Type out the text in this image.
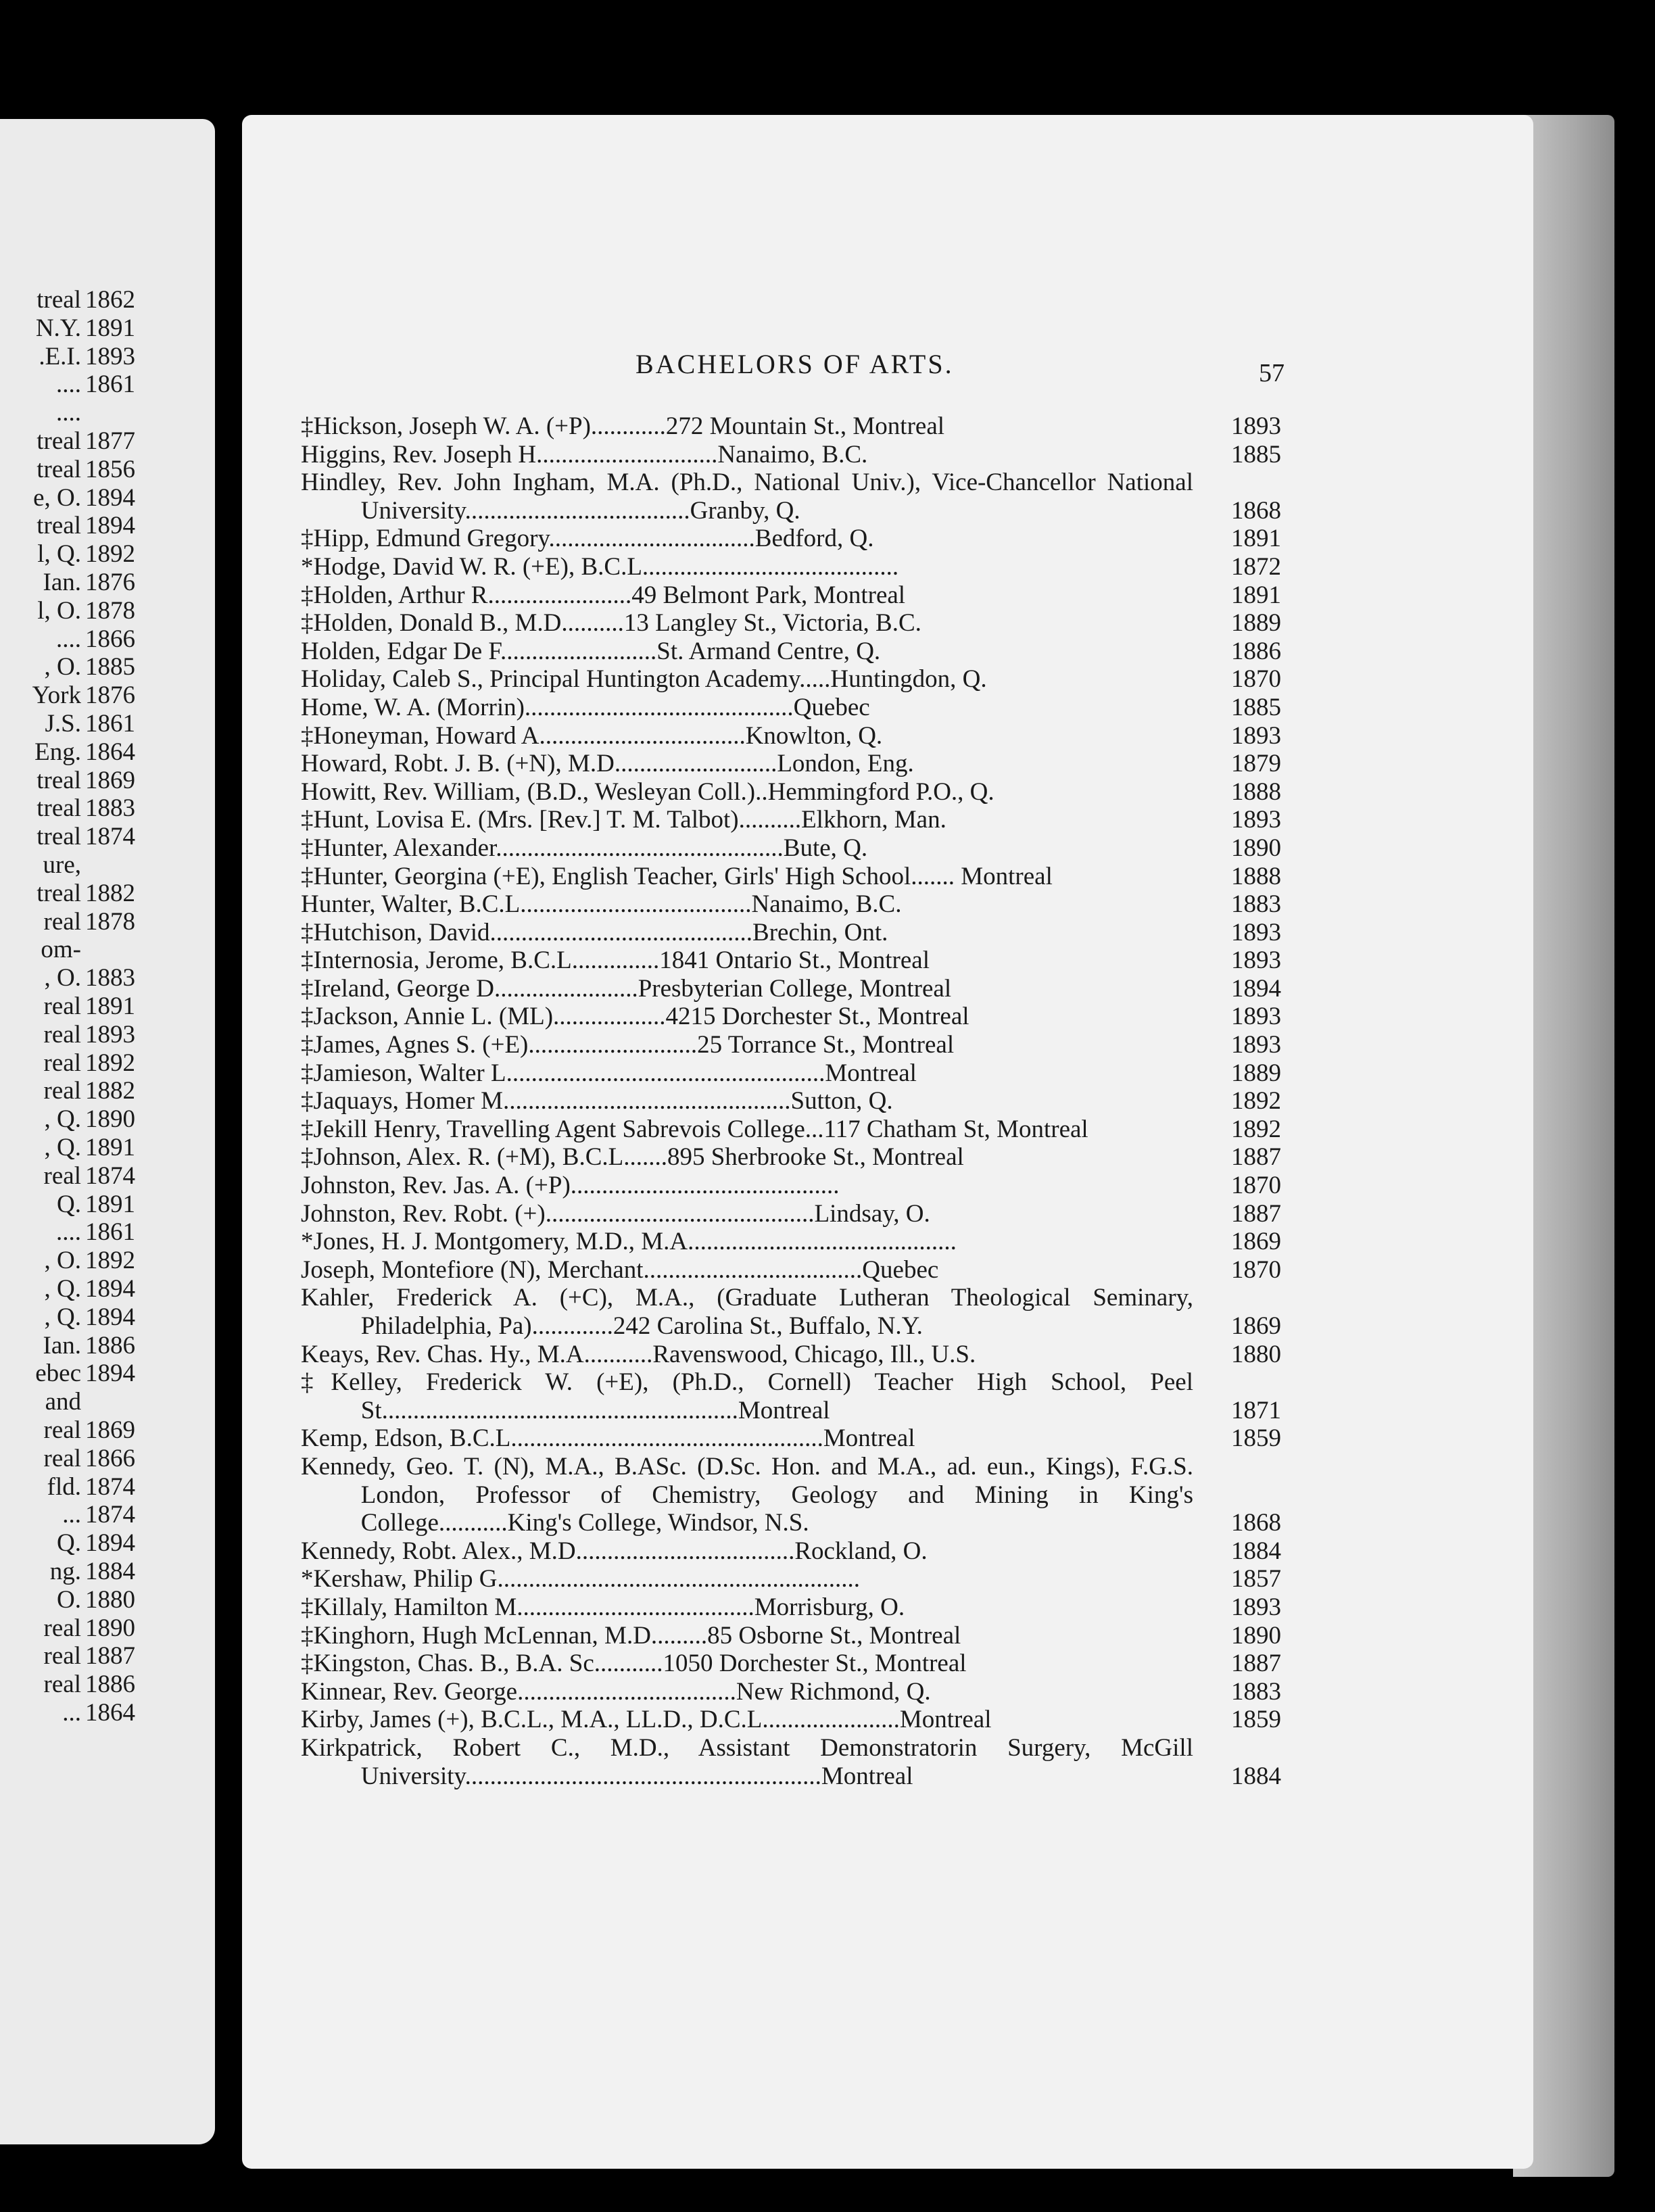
treal 1862
N.Y. 1891
.E.I. 1893
.... 1861
....
treal 1877
treal 1856
e, O. 1894
treal 1894
l, Q. 1892
Ian. 1876
l, O. 1878
.... 1866
, O. 1885
York 1876
J.S. 1861
Eng. 1864
treal 1869
treal 1883
treal 1874
ure,
treal 1882
real 1878
om-
, O. 1883
real 1891
real 1893
real 1892
real 1882
, Q. 1890
, Q. 1891
real 1874
Q. 1891
.... 1861
, O. 1892
, Q. 1894
, Q. 1894
Ian. 1886
ebec 1894
and
real 1869
real 1866
fld. 1874
... 1874
Q. 1894
ng. 1884
O. 1880
real 1890
real 1887
real 1886
... 1864
BACHELORS OF ARTS.	57
‡Hickson, Joseph W. A. (+P)............272 Mountain St., Montreal	1893
Higgins, Rev. Joseph H.............................Nanaimo, B.C.	1885
Hindley, Rev. John Ingham, M.A. (Ph.D., National Univ.), Vice-Chancellor National University....................................Granby, Q.	1868
‡Hipp, Edmund Gregory.................................Bedford, Q.	1891
*Hodge, David W. R. (+E), B.C.L.........................................	1872
‡Holden, Arthur R.......................49 Belmont Park, Montreal	1891
‡Holden, Donald B., M.D..........13 Langley St., Victoria, B.C.	1889
Holden, Edgar De F.........................St. Armand Centre, Q.	1886
Holiday, Caleb S., Principal Huntington Academy.....Huntingdon, Q.	1870
Home, W. A. (Morrin)...........................................Quebec	1885
‡Honeyman, Howard A.................................Knowlton, Q.	1893
Howard, Robt. J. B. (+N), M.D..........................London, Eng.	1879
Howitt, Rev. William, (B.D., Wesleyan Coll.)..Hemmingford P.O., Q.	1888
‡Hunt, Lovisa E. (Mrs. [Rev.] T. M. Talbot)..........Elkhorn, Man.	1893
‡Hunter, Alexander..............................................Bute, Q.	1890
‡Hunter, Georgina (+E), English Teacher, Girls' High School....... Montreal	1888
Hunter, Walter, B.C.L.....................................Nanaimo, B.C.	1883
‡Hutchison, David..........................................Brechin, Ont.	1893
‡Internosia, Jerome, B.C.L..............1841 Ontario St., Montreal	1893
‡Ireland, George D.......................Presbyterian College, Montreal	1894
‡Jackson, Annie L. (ML)..................4215 Dorchester St., Montreal	1893
‡James, Agnes S. (+E)...........................25 Torrance St., Montreal	1893
‡Jamieson, Walter L...................................................Montreal	1889
‡Jaquays, Homer M..............................................Sutton, Q.	1892
‡Jekill Henry, Travelling Agent Sabrevois College...117 Chatham St, Montreal	1892
‡Johnson, Alex. R. (+M), B.C.L.......895 Sherbrooke St., Montreal	1887
Johnston, Rev. Jas. A. (+P)...........................................	1870
Johnston, Rev. Robt. (+)...........................................Lindsay, O.	1887
*Jones, H. J. Montgomery, M.D., M.A...........................................	1869
Joseph, Montefiore (N), Merchant...................................Quebec	1870
Kahler, Frederick A. (+C), M.A., (Graduate Lutheran Theological Seminary, Philadelphia, Pa).............242 Carolina St., Buffalo, N.Y.	1869
Keays, Rev. Chas. Hy., M.A...........Ravenswood, Chicago, Ill., U.S.	1880
‡Kelley, Frederick W. (+E), (Ph.D., Cornell) Teacher High School, Peel St.........................................................Montreal	1871
Kemp, Edson, B.C.L..................................................Montreal	1859
Kennedy, Geo. T. (N), M.A., B.ASc. (D.Sc. Hon. and M.A., ad. eun., Kings), F.G.S. London, Professor of Chemistry, Geology and Mining in King's College...........King's College, Windsor, N.S.	1868
Kennedy, Robt. Alex., M.D...................................Rockland, O.	1884
*Kershaw, Philip G..........................................................	1857
‡Killaly, Hamilton M......................................Morrisburg, O.	1893
‡Kinghorn, Hugh McLennan, M.D.........85 Osborne St., Montreal	1890
‡Kingston, Chas. B., B.A. Sc...........1050 Dorchester St., Montreal	1887
Kinnear, Rev. George...................................New Richmond, Q.	1883
Kirby, James (+), B.C.L., M.A., LL.D., D.C.L......................Montreal	1859
Kirkpatrick, Robert C., M.D., Assistant Demonstratorin Surgery, McGill University.........................................................Montreal	1884
